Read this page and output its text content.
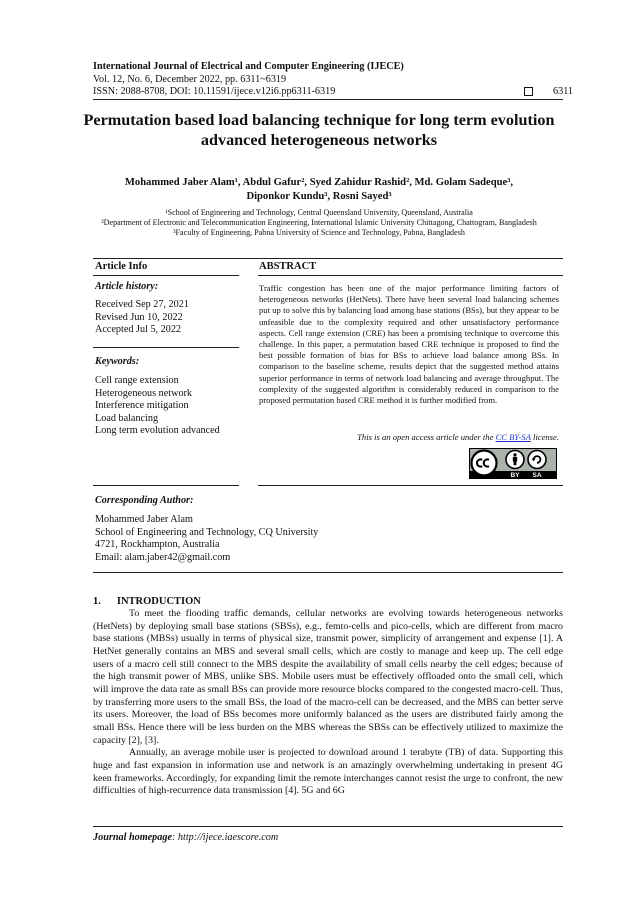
International Journal of Electrical and Computer Engineering (IJECE)
Vol. 12, No. 6, December 2022, pp. 6311~6319
ISSN: 2088-8708, DOI: 10.11591/ijece.v12i6.pp6311-6319	6311
Permutation based load balancing technique for long term evolution advanced heterogeneous networks
Mohammed Jaber Alam¹, Abdul Gafur², Syed Zahidur Rashid², Md. Golam Sadeque³,
Diponkor Kundu³, Rosni Sayed³
¹School of Engineering and Technology, Central Queensland University, Queensland, Australia
²Department of Electronic and Telecommunication Engineering, International Islamic University Chittagong, Chattogram, Bangladesh
³Faculty of Engineering, Pabna University of Science and Technology, Pabna, Bangladesh
Article Info	ABSTRACT
Article history:
Received Sep 27, 2021
Revised Jun 10, 2022
Accepted Jul 5, 2022
Keywords:
Cell range extension
Heterogeneous network
Interference mitigation
Load balancing
Long term evolution advanced
Traffic congestion has been one of the major performance limiting factors of heterogeneous networks (HetNets). There have been several load balancing schemes put up to solve this by balancing load among base stations (BSs), but they appear to be unfeasible due to the complexity required and other unsatisfactory performance aspects. Cell range extension (CRE) has been a promising technique to overcome this challenge. In this paper, a permutation based CRE technique is proposed to find the best possible formation of bias for BSs to achieve load balance among BSs. In comparison to the baseline scheme, results depict that the suggested method attains superior performance in terms of network load balancing and average throughput. The complexity of the suggested algorithm is considerably reduced in comparison to the proposed permutation based CRE method it is further modified from.
This is an open access article under the CC BY-SA license.
BY SA
Corresponding Author:
Mohammed Jaber Alam
School of Engineering and Technology, CQ University
4721, Rockhampton, Australia
Email: alam.jaber42@gmail.com
1. INTRODUCTION

To meet the flooding traffic demands, cellular networks are evolving towards heterogeneous networks (HetNets) by deploying small base stations (SBSs), e.g., femto-cells and pico-cells, which are different from macro base stations (MBSs) usually in terms of physical size, transmit power, simplicity of arrangement and expense [1]. A HetNet generally contains an MBS and several small cells, which are costly to manage and keep up. The cell edge users of a macro cell still connect to the MBS despite the availability of small cells nearby the cell edges; because of the high transmit power of MBS, unlike SBS. Mobile users must be effectively offloaded onto the small cell, which will improve the data rate as small BSs can provide more resource blocks compared to the congested macro-cell. Thus, by transferring more users to the small BSs, the load of the macro-cell can be decreased, and the MBS can better serve its users. Moreover, the load of BSs becomes more uniformly balanced as the users are distributed fairly among the small BSs. Hence there will be less burden on the MBS whereas the SBSs can be effectively utilized to maximize the capacity [2], [3].

Annually, an average mobile user is projected to download around 1 terabyte (TB) of data. Supporting this huge and fast expansion in information use and network is an amazingly overwhelming undertaking in present 4G keen frameworks. Accordingly, for expanding limit the remote interchanges cannot resist the urge to confront, the new difficulties of high-recurrence data transmission [4]. 5G and 6G

Journal homepage: http://ijece.iaescore.com
